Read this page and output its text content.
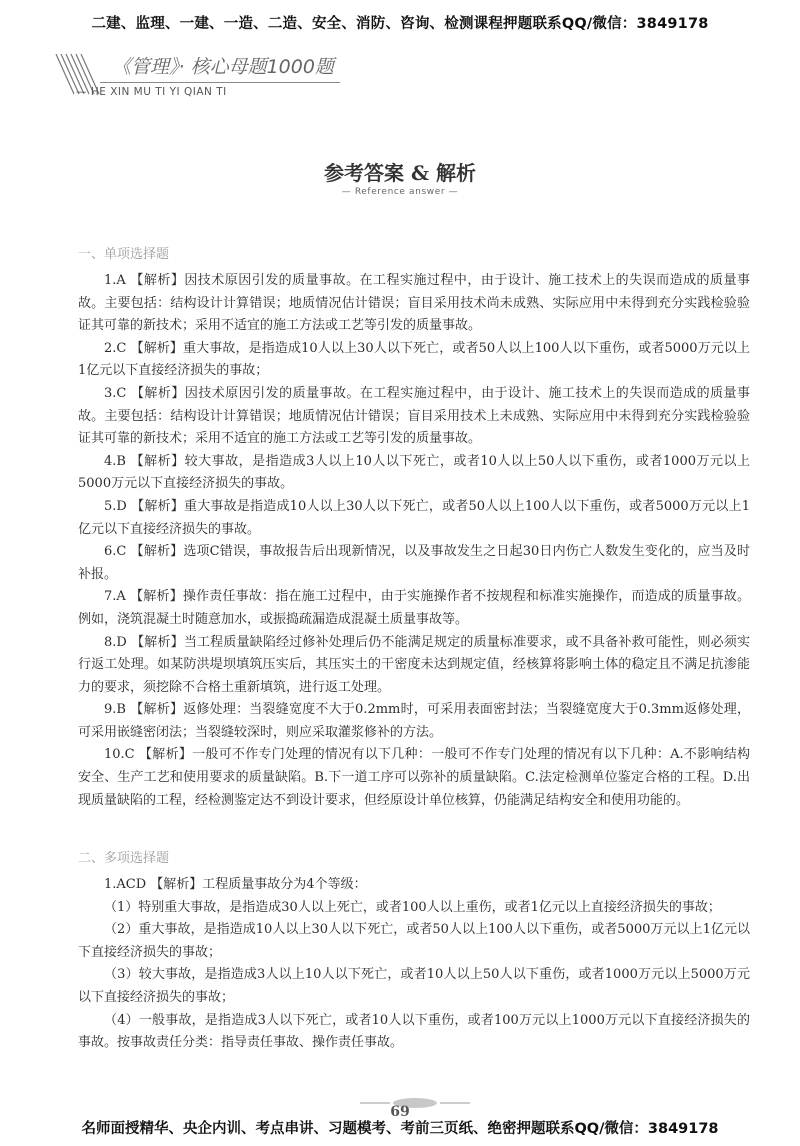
二建、监理、一建、一造、二造、安全、消防、咨询、检测课程押题联系QQ/微信：3849178
《管理》· 核心母题1000题
— HE XIN MU TI YI QIAN TI
参考答案 & 解析
— Reference answer —
一、单项选择题

1.A 【解析】因技术原因引发的质量事故。在工程实施过程中，由于设计、施工技术上的失误而造成的质量事故。主要包括：结构设计计算错误；地质情况估计错误；盲目采用技术尚未成熟、实际应用中未得到充分实践检验验证其可靠的新技术；采用不适宜的施工方法或工艺等引发的质量事故。

2.C 【解析】重大事故，是指造成10人以上30人以下死亡，或者50人以上100人以下重伤，或者5000万元以上1亿元以下直接经济损失的事故；

3.C 【解析】因技术原因引发的质量事故。在工程实施过程中，由于设计、施工技术上的失误而造成的质量事故。主要包括：结构设计计算错误；地质情况估计错误；盲目采用技术上未成熟、实际应用中未得到充分实践检验验证其可靠的新技术；采用不适宜的施工方法或工艺等引发的质量事故。

4.B 【解析】较大事故，是指造成3人以上10人以下死亡，或者10人以上50人以下重伤，或者1000万元以上5000万元以下直接经济损失的事故。

5.D 【解析】重大事故是指造成10人以上30人以下死亡，或者50人以上100人以下重伤，或者5000万元以上1亿元以下直接经济损失的事故。

6.C 【解析】选项C错误，事故报告后出现新情况，以及事故发生之日起30日内伤亡人数发生变化的，应当及时补报。

7.A 【解析】操作责任事故：指在施工过程中，由于实施操作者不按规程和标准实施操作，而造成的质量事故。例如，浇筑混凝土时随意加水，或振捣疏漏造成混凝土质量事故等。

8.D 【解析】当工程质量缺陷经过修补处理后仍不能满足规定的质量标准要求，或不具备补救可能性，则必须实行返工处理。如某防洪堤坝填筑压实后，其压实土的干密度未达到规定值，经核算将影响土体的稳定且不满足抗渗能力的要求，须挖除不合格土重新填筑，进行返工处理。

9.B 【解析】返修处理：当裂缝宽度不大于0.2mm时，可采用表面密封法；当裂缝宽度大于0.3mm返修处理，可采用嵌缝密闭法；当裂缝较深时，则应采取灌浆修补的方法。

10.C 【解析】一般可不作专门处理的情况有以下几种：一般可不作专门处理的情况有以下几种：A.不影响结构安全、生产工艺和使用要求的质量缺陷。B.下一道工序可以弥补的质量缺陷。C.法定检测单位鉴定合格的工程。D.出现质量缺陷的工程，经检测鉴定达不到设计要求，但经原设计单位核算，仍能满足结构安全和使用功能的。

二、多项选择题

1.ACD 【解析】工程质量事故分为4个等级：

（1）特别重大事故，是指造成30人以上死亡，或者100人以上重伤，或者1亿元以上直接经济损失的事故；

（2）重大事故，是指造成10人以上30人以下死亡，或者50人以上100人以下重伤，或者5000万元以上1亿元以下直接经济损失的事故；

（3）较大事故，是指造成3人以上10人以下死亡，或者10人以上50人以下重伤，或者1000万元以上5000万元以下直接经济损失的事故；

（4）一般事故，是指造成3人以下死亡，或者10人以下重伤，或者100万元以上1000万元以下直接经济损失的事故。按事故责任分类：指导责任事故、操作责任事故。

69
名师面授精华、央企内训、考点串讲、习题模考、考前三页纸、绝密押题联系QQ/微信：3849178
